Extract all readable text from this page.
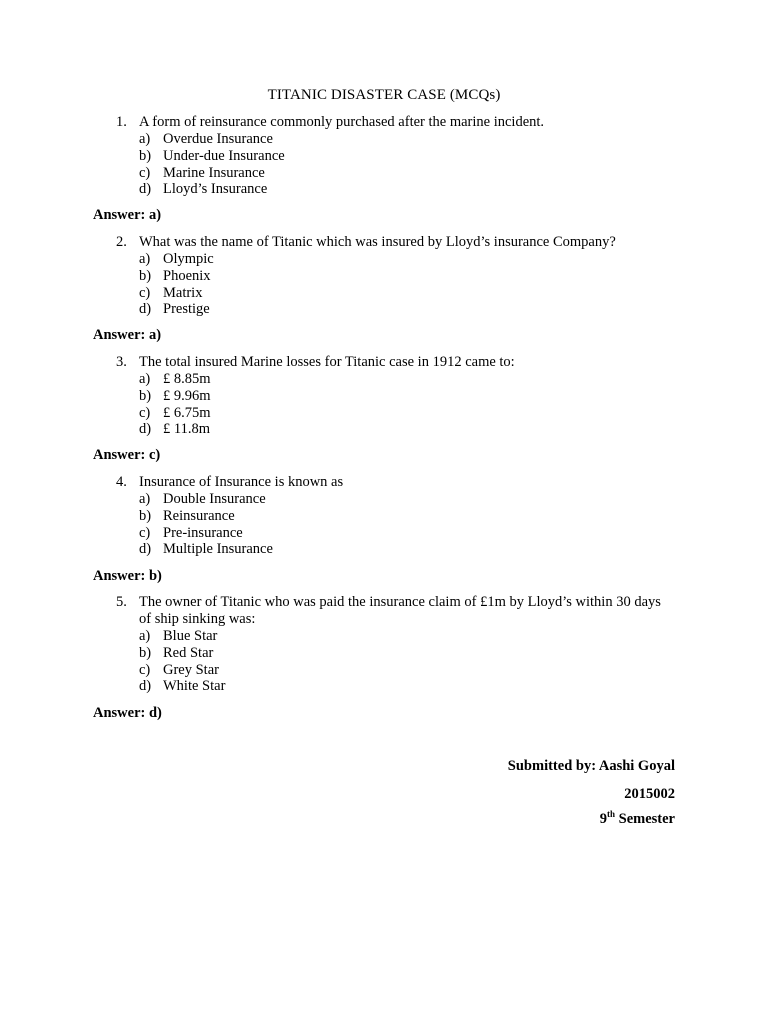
TITANIC DISASTER CASE (MCQs)
1. A form of reinsurance commonly purchased after the marine incident.
a) Overdue Insurance
b) Under-due Insurance
c) Marine Insurance
d) Lloyd’s Insurance
Answer: a)
2. What was the name of Titanic which was insured by Lloyd’s insurance Company?
a) Olympic
b) Phoenix
c) Matrix
d) Prestige
Answer: a)
3. The total insured Marine losses for Titanic case in 1912 came to:
a) £ 8.85m
b) £ 9.96m
c) £ 6.75m
d) £ 11.8m
Answer: c)
4. Insurance of Insurance is known as
a) Double Insurance
b) Reinsurance
c) Pre-insurance
d) Multiple Insurance
Answer: b)
5. The owner of Titanic who was paid the insurance claim of £1m by Lloyd’s within 30 days of ship sinking was:
a) Blue Star
b) Red Star
c) Grey Star
d) White Star
Answer: d)
Submitted by: Aashi Goyal
2015002
9th Semester
